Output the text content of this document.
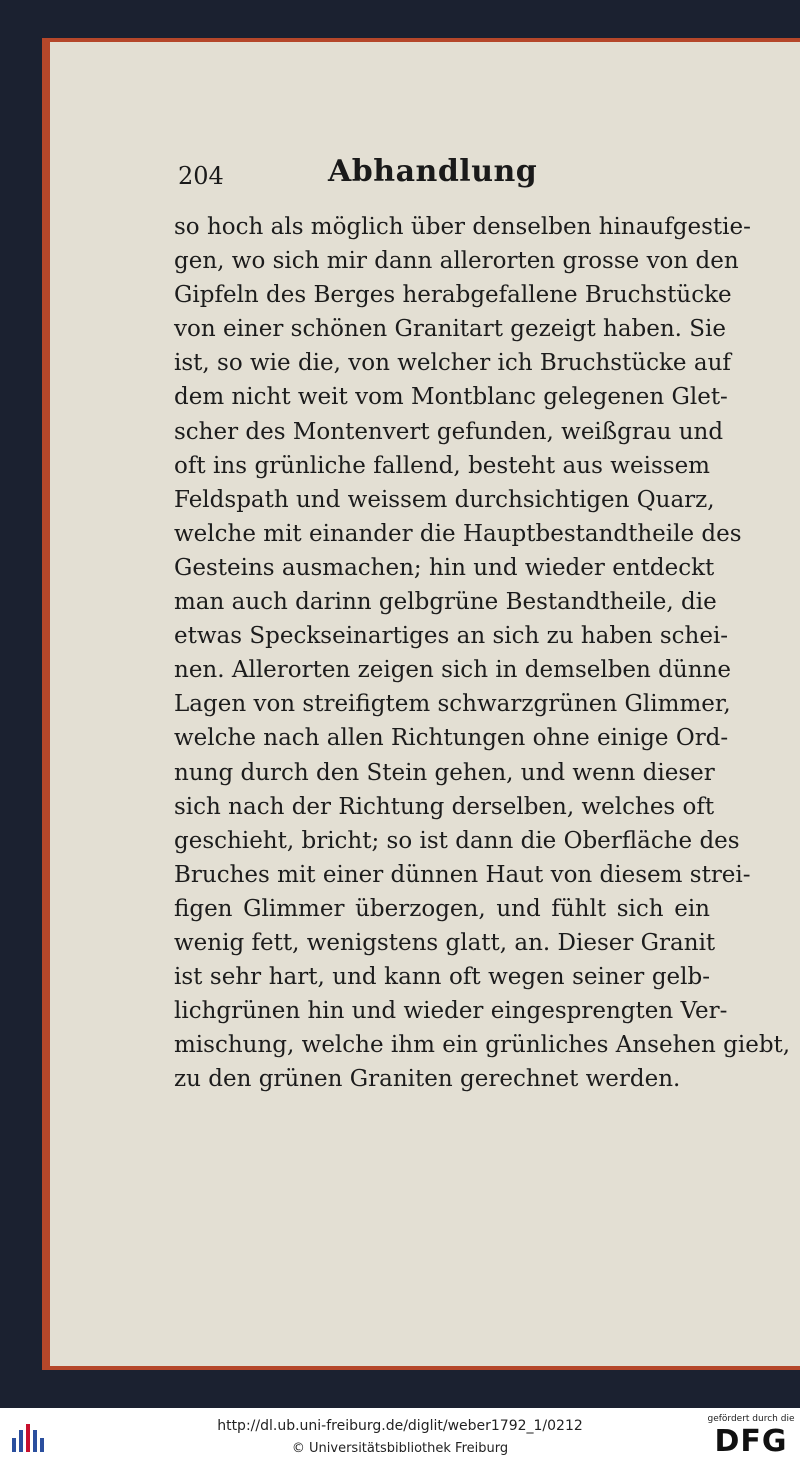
204	Abhandlung
so hoch als möglich über denselben hinaufgestie-
gen, wo sich mir dann allerorten grosse von den
Gipfeln des Berges herabgefallene Bruchstücke
von einer schönen Granitart gezeigt haben. Sie
ist, so wie die, von welcher ich Bruchstücke auf
dem nicht weit vom Montblanc gelegenen Glet-
scher des Montenvert gefunden, weißgrau und
oft ins grünliche fallend, besteht aus weissem
Feldspath und weissem durchsichtigen Quarz,
welche mit einander die Hauptbestandtheile des
Gesteins ausmachen; hin und wieder entdeckt
man auch darinn gelbgrüne Bestandtheile, die
etwas Speckseinartiges an sich zu haben schei-
nen. Allerorten zeigen sich in demselben dünne
Lagen von streifigtem schwarzgrünen Glimmer,
welche nach allen Richtungen ohne einige Ord-
nung durch den Stein gehen, und wenn dieser
sich nach der Richtung derselben, welches oft
geschieht, bricht; so ist dann die Oberfläche des
Bruches mit einer dünnen Haut von diesem strei-
figen Glimmer überzogen, und fühlt sich ein
wenig fett, wenigstens glatt, an. Dieser Granit
ist sehr hart, und kann oft wegen seiner gelb-
lichgrünen hin und wieder eingesprengten Ver-
mischung, welche ihm ein grünliches Ansehen giebt,
zu den grünen Graniten gerechnet werden.
http://dl.ub.uni-freiburg.de/diglit/weber1792_1/0212
© Universitätsbibliothek Freiburg
gefördert durch die
DFG
